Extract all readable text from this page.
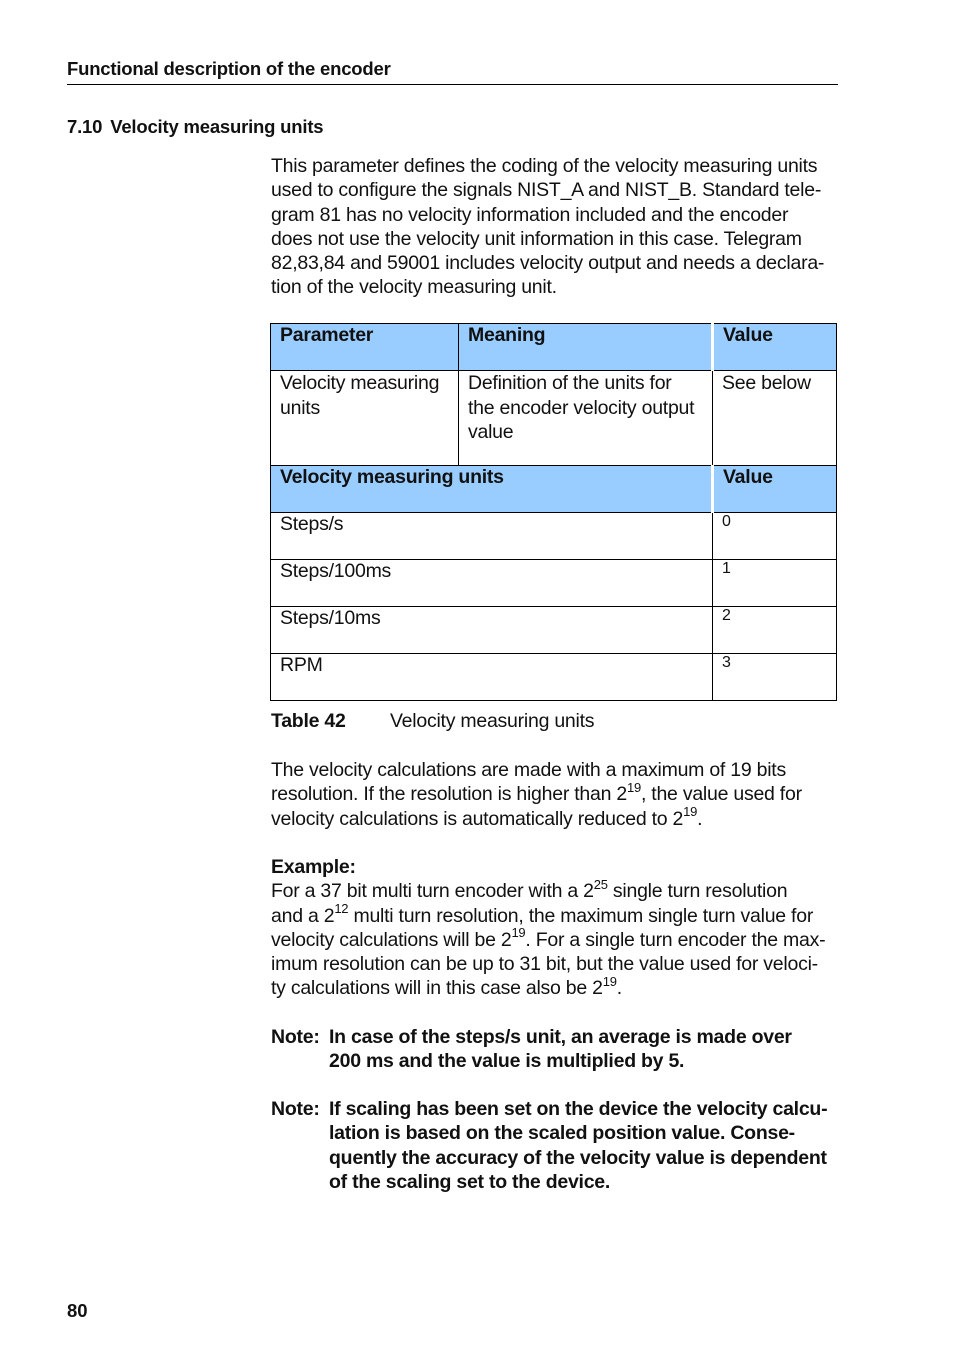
Functional description of the encoder
7.10 Velocity measuring units
This parameter defines the coding of the velocity measuring units
used to configure the signals NIST_A and NIST_B. Standard tele-
gram 81 has no velocity information included and the encoder
does not use the velocity unit information in this case. Telegram
82,83,84 and 59001 includes velocity output and needs a declara-
tion of the velocity measuring unit.
Parameter	Meaning	Value
Velocity measuring units	Definition of the units for the encoder velocity output value	See below
Velocity measuring units		Value
Steps/s		0
Steps/100ms		1
Steps/10ms		2
RPM		3
Table 42 Velocity measuring units
The velocity calculations are made with a maximum of 19 bits
resolution. If the resolution is higher than $2^{19}$, the value used for
velocity calculations is automatically reduced to $2^{19}$.
Example:
For a 37 bit multi turn encoder with a $2^{25}$ single turn resolution
and a $2^{12}$ multi turn resolution, the maximum single turn value for
velocity calculations will be $2^{19}$. For a single turn encoder the max-
imum resolution can be up to 31 bit, but the value used for veloci-
ty calculations will in this case also be $2^{19}$.
Note: In case of the steps/s unit, an average is made over
200 ms and the value is multiplied by 5.
Note: If scaling has been set on the device the velocity calcu-
lation is based on the scaled position value. Conse-
quently the accuracy of the velocity value is dependent
of the scaling set to the device.
80
